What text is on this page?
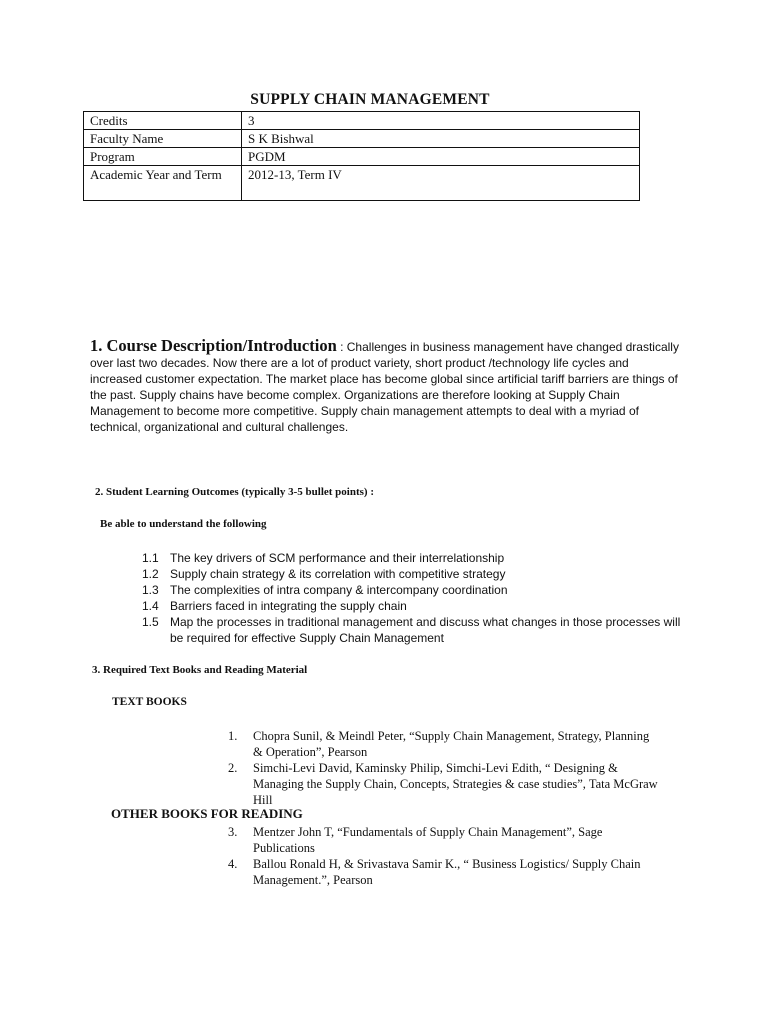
SUPPLY CHAIN MANAGEMENT
Credits	3
Faculty Name	S K Bishwal
Program	PGDM
Academic Year and Term	2012-13, Term IV
1. Course Description/Introduction : Challenges in business management have changed drastically over last two decades. Now there are a lot of product variety, short product /technology life cycles and increased customer expectation. The market place has become global since artificial tariff barriers are things of the past. Supply chains have become complex. Organizations are therefore looking at Supply Chain Management to become more competitive. Supply chain management attempts to deal with a myriad of technical, organizational and cultural challenges.
2. Student Learning Outcomes (typically 3-5 bullet points) :
Be able to understand the following
1.1 The key drivers of SCM performance and their interrelationship
1.2 Supply chain strategy & its correlation with competitive strategy
1.3 The complexities of intra company & intercompany coordination
1.4 Barriers faced in integrating the supply chain
1.5 Map the processes in traditional management and discuss what changes in those processes will be required for effective Supply Chain Management
3. Required Text Books and Reading Material
TEXT BOOKS
1.	Chopra Sunil, & Meindl Peter, “Supply Chain Management, Strategy, Planning & Operation”, Pearson
2.	Simchi-Levi David, Kaminsky Philip, Simchi-Levi Edith, “ Designing & Managing the Supply Chain, Concepts, Strategies & case studies”, Tata McGraw Hill
OTHER BOOKS FOR READING
3.	Mentzer John T, “Fundamentals of Supply Chain Management”, Sage Publications
4.	Ballou Ronald H, & Srivastava Samir K., “ Business Logistics/ Supply Chain Management.”, Pearson
